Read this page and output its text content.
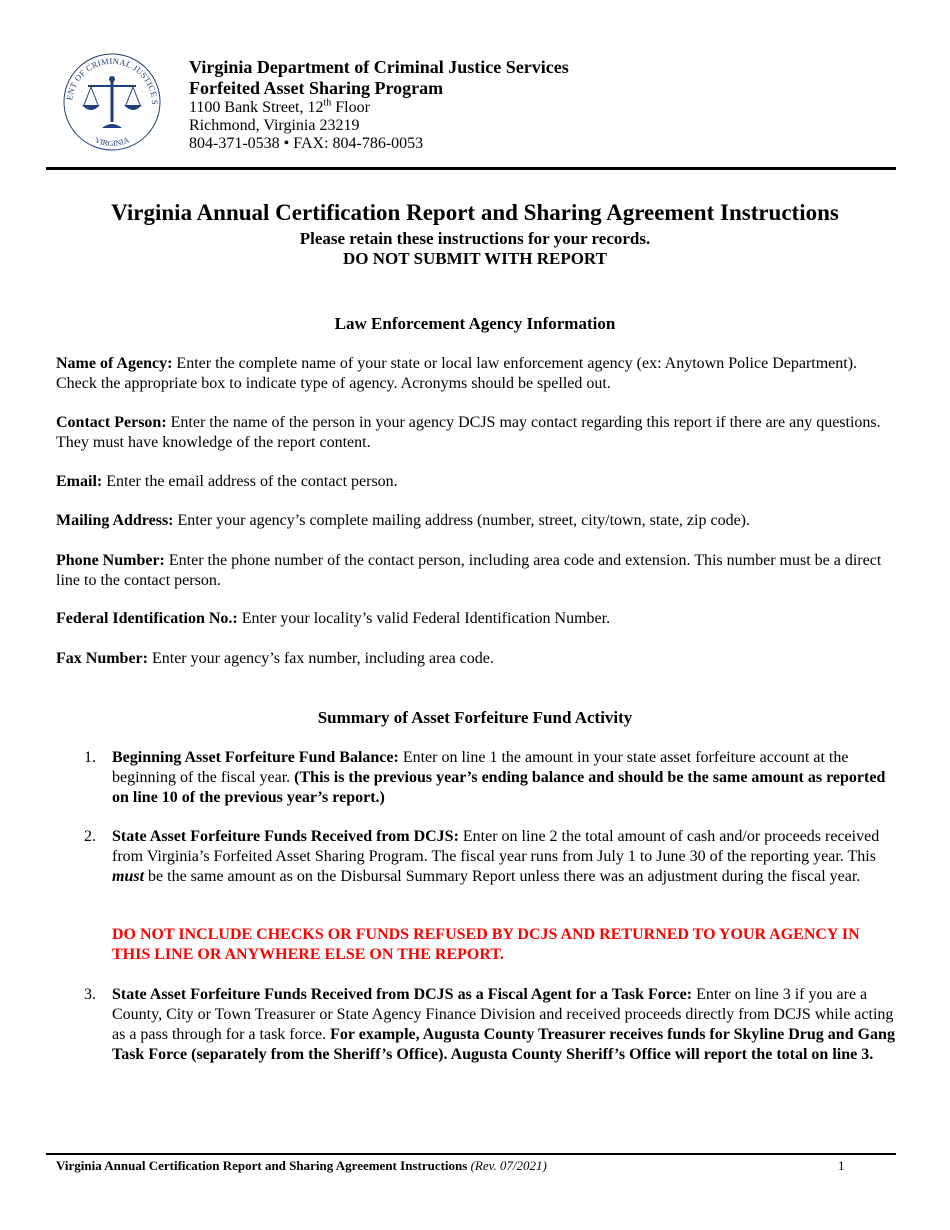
ENT OF CRIMINAL JUSTICE S
VIRGINIA
Virginia Department of Criminal Justice Services
Forfeited Asset Sharing Program
1100 Bank Street, 12th Floor
Richmond, Virginia 23219
804-371-0538 • FAX: 804-786-0053
Virginia Annual Certification Report and Sharing Agreement Instructions
Please retain these instructions for your records.
DO NOT SUBMIT WITH REPORT
Law Enforcement Agency Information
Name of Agency: Enter the complete name of your state or local law enforcement agency (ex: Anytown Police Department). Check the appropriate box to indicate type of agency. Acronyms should be spelled out.
Contact Person: Enter the name of the person in your agency DCJS may contact regarding this report if there are any questions. They must have knowledge of the report content.
Email: Enter the email address of the contact person.
Mailing Address: Enter your agency’s complete mailing address (number, street, city/town, state, zip code).
Phone Number: Enter the phone number of the contact person, including area code and extension. This number must be a direct line to the contact person.
Federal Identification No.: Enter your locality’s valid Federal Identification Number.
Fax Number: Enter your agency’s fax number, including area code.
Summary of Asset Forfeiture Fund Activity
1.	Beginning Asset Forfeiture Fund Balance: Enter on line 1 the amount in your state asset forfeiture account at the beginning of the fiscal year. (This is the previous year’s ending balance and should be the same amount as reported on line 10 of the previous year’s report.)
2.	State Asset Forfeiture Funds Received from DCJS: Enter on line 2 the total amount of cash and/or proceeds received from Virginia’s Forfeited Asset Sharing Program. The fiscal year runs from July 1 to June 30 of the reporting year. This must be the same amount as on the Disbursal Summary Report unless there was an adjustment during the fiscal year.
DO NOT INCLUDE CHECKS OR FUNDS REFUSED BY DCJS AND RETURNED TO YOUR AGENCY IN THIS LINE OR ANYWHERE ELSE ON THE REPORT.
3.	State Asset Forfeiture Funds Received from DCJS as a Fiscal Agent for a Task Force: Enter on line 3 if you are a County, City or Town Treasurer or State Agency Finance Division and received proceeds directly from DCJS while acting as a pass through for a task force. For example, Augusta County Treasurer receives funds for Skyline Drug and Gang Task Force (separately from the Sheriff’s Office). Augusta County Sheriff’s Office will report the total on line 3.
Virginia Annual Certification Report and Sharing Agreement Instructions (Rev. 07/2021)	1
